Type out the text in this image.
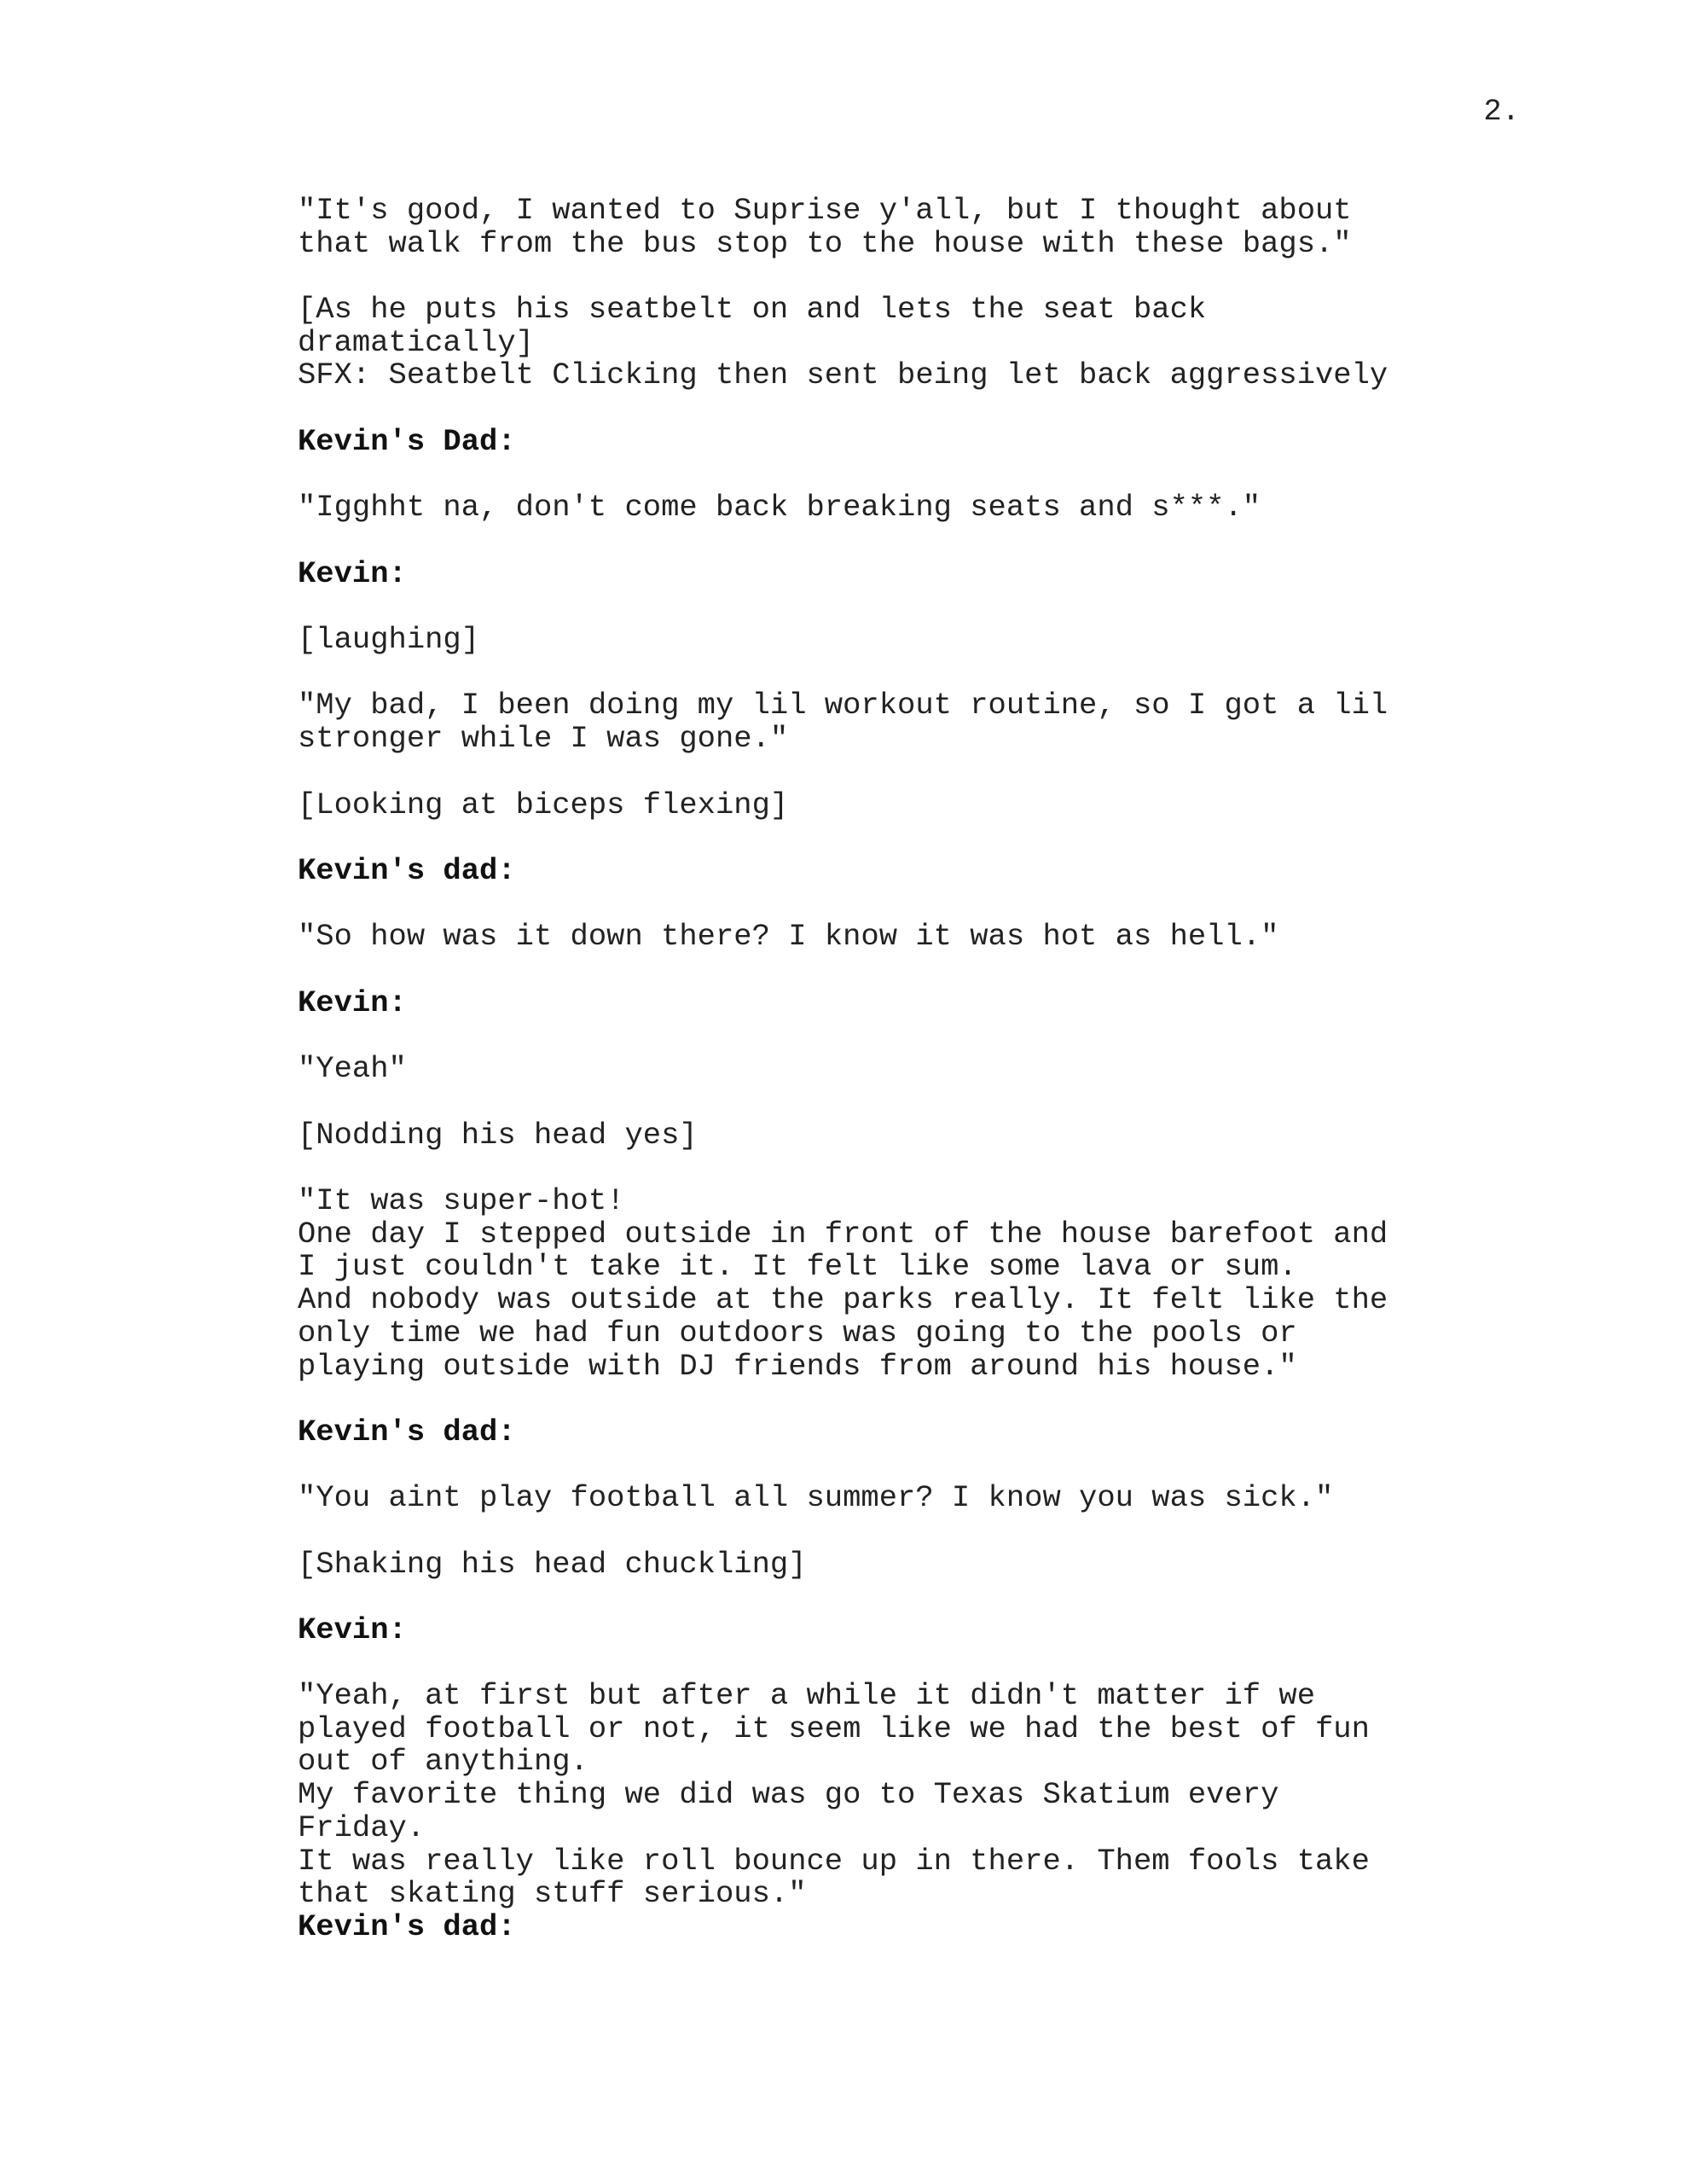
2.
"It's good, I wanted to Suprise y'all, but I thought about
that walk from the bus stop to the house with these bags."
[As he puts his seatbelt on and lets the seat back
dramatically]
SFX: Seatbelt Clicking then sent being let back aggressively
Kevin's Dad:
"Igghht na, don't come back breaking seats and s***."
Kevin:
[laughing]
"My bad, I been doing my lil workout routine, so I got a lil
stronger while I was gone."
[Looking at biceps flexing]
Kevin's dad:
"So how was it down there? I know it was hot as hell."
Kevin:
"Yeah"
[Nodding his head yes]
"It was super-hot!
One day I stepped outside in front of the house barefoot and
I just couldn't take it. It felt like some lava or sum.
And nobody was outside at the parks really. It felt like the
only time we had fun outdoors was going to the pools or
playing outside with DJ friends from around his house."
Kevin's dad:
"You aint play football all summer? I know you was sick."
[Shaking his head chuckling]
Kevin:
"Yeah, at first but after a while it didn't matter if we
played football or not, it seem like we had the best of fun
out of anything.
My favorite thing we did was go to Texas Skatium every
Friday.
It was really like roll bounce up in there. Them fools take
that skating stuff serious."
Kevin's dad:
